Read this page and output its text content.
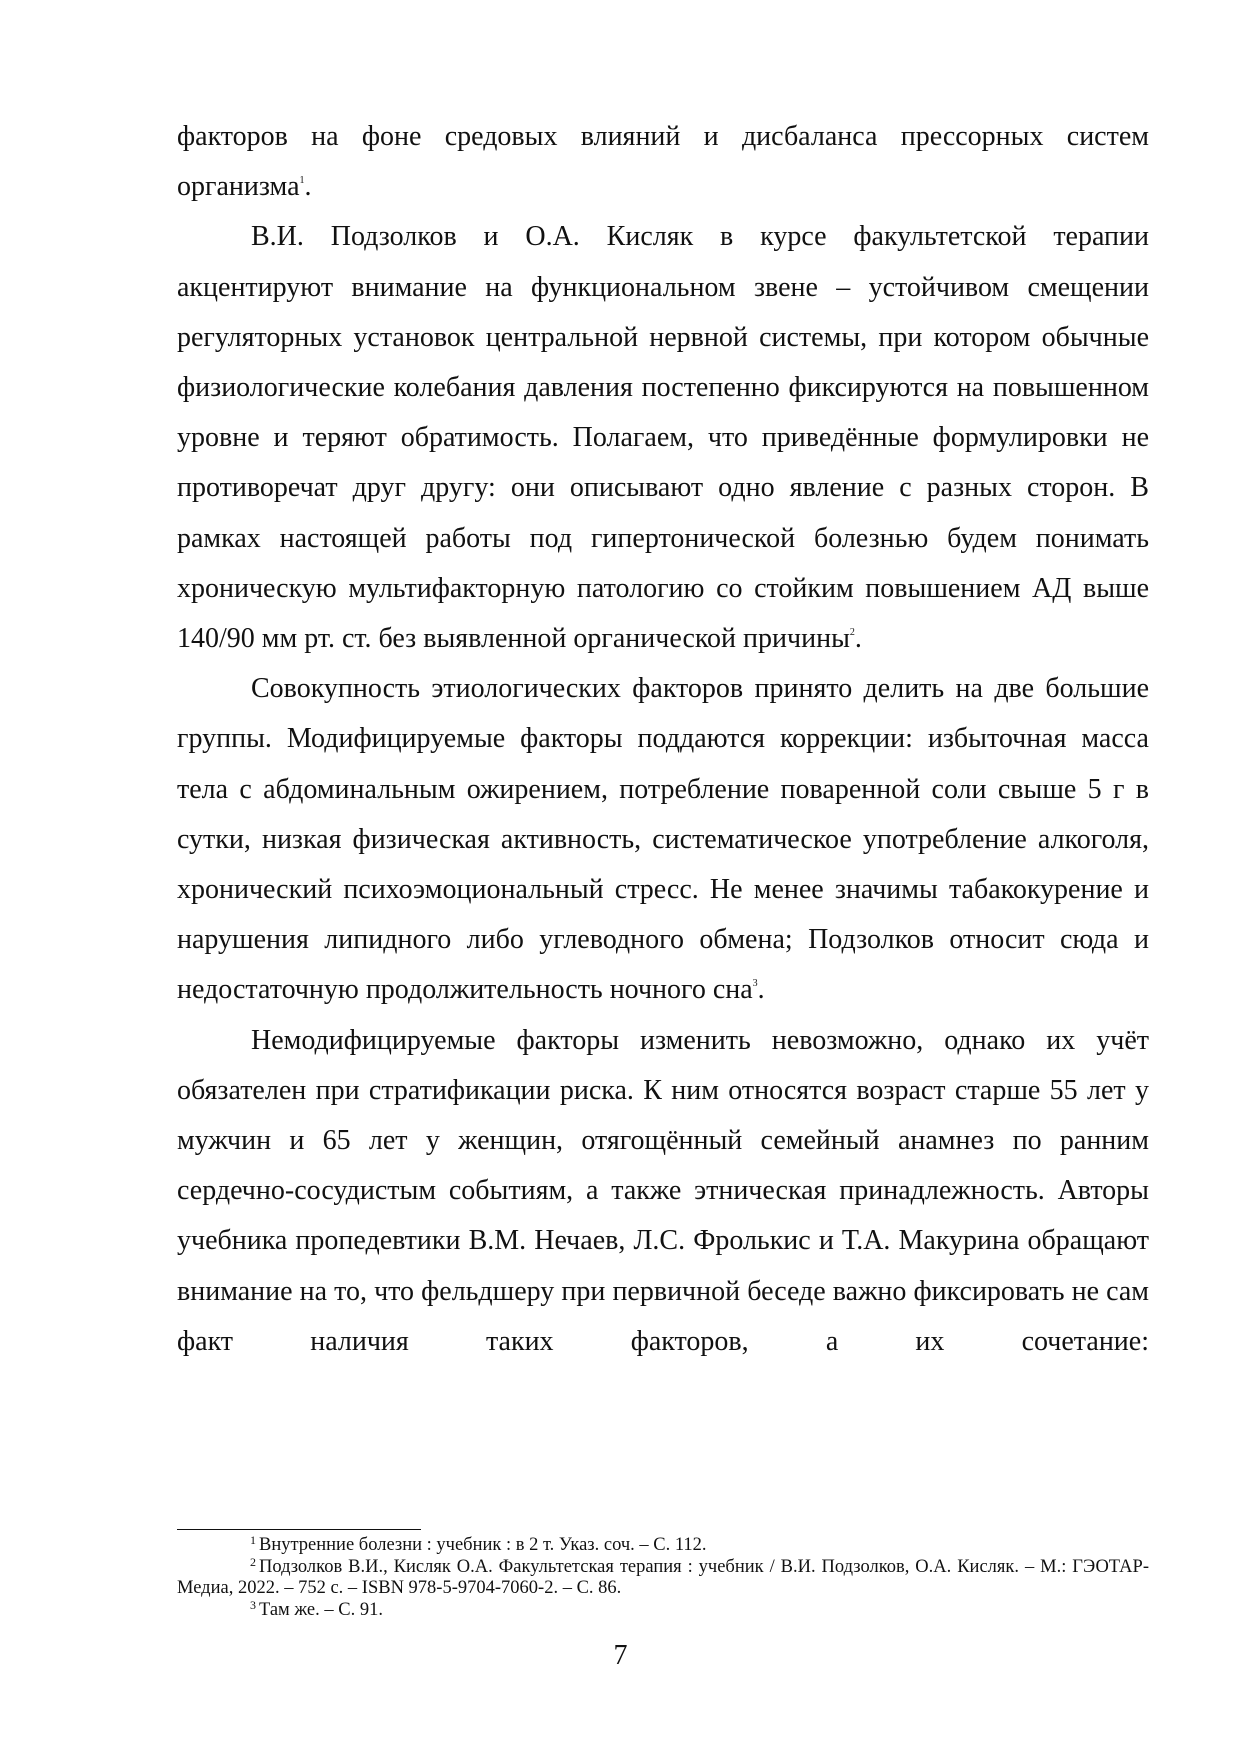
факторов на фоне средовых влияний и дисбаланса прессорных систем организма$^1$.

В.И. Подзолков и О.А. Кисляк в курсе факультетской терапии акцентируют внимание на функциональном звене – устойчивом смещении регуляторных установок центральной нервной системы, при котором обычные физиологические колебания давления постепенно фиксируются на повышенном уровне и теряют обратимость. Полагаем, что приведённые формулировки не противоречат друг другу: они описывают одно явление с разных сторон. В рамках настоящей работы под гипертонической болезнью будем понимать хроническую мультифакторную патологию со стойким повышением АД выше 140/90 мм рт. ст. без выявленной органической причины$^2$.

Совокупность этиологических факторов принято делить на две большие группы. Модифицируемые факторы поддаются коррекции: избыточная масса тела с абдоминальным ожирением, потребление поваренной соли свыше 5 г в сутки, низкая физическая активность, систематическое употребление алкоголя, хронический психоэмоциональный стресс. Не менее значимы табакокурение и нарушения липидного либо углеводного обмена; Подзолков относит сюда и недостаточную продолжительность ночного сна$^3$.

Немодифицируемые факторы изменить невозможно, однако их учёт обязателен при стратификации риска. К ним относятся возраст старше 55 лет у мужчин и 65 лет у женщин, отягощённый семейный анамнез по ранним сердечно-сосудистым событиям, а также этническая принадлежность. Авторы учебника пропедевтики В.М. Нечаев, Л.С. Фролькис и Т.А. Макурина обращают внимание на то, что фельдшеру при первичной беседе важно фиксировать не сам факт наличия таких факторов, а их сочетание:

$^1$ Внутренние болезни : учебник : в 2 т. Указ. соч. – С. 112.

$^2$ Подзолков В.И., Кисляк О.А. Факультетская терапия : учебник / В.И. Подзолков, О.А. Кисляк. – М.: ГЭОТАР-Медиа, 2022. – 752 с. – ISBN 978-5-9704-7060-2. – С. 86.

$^3$ Там же. – С. 91.

7
